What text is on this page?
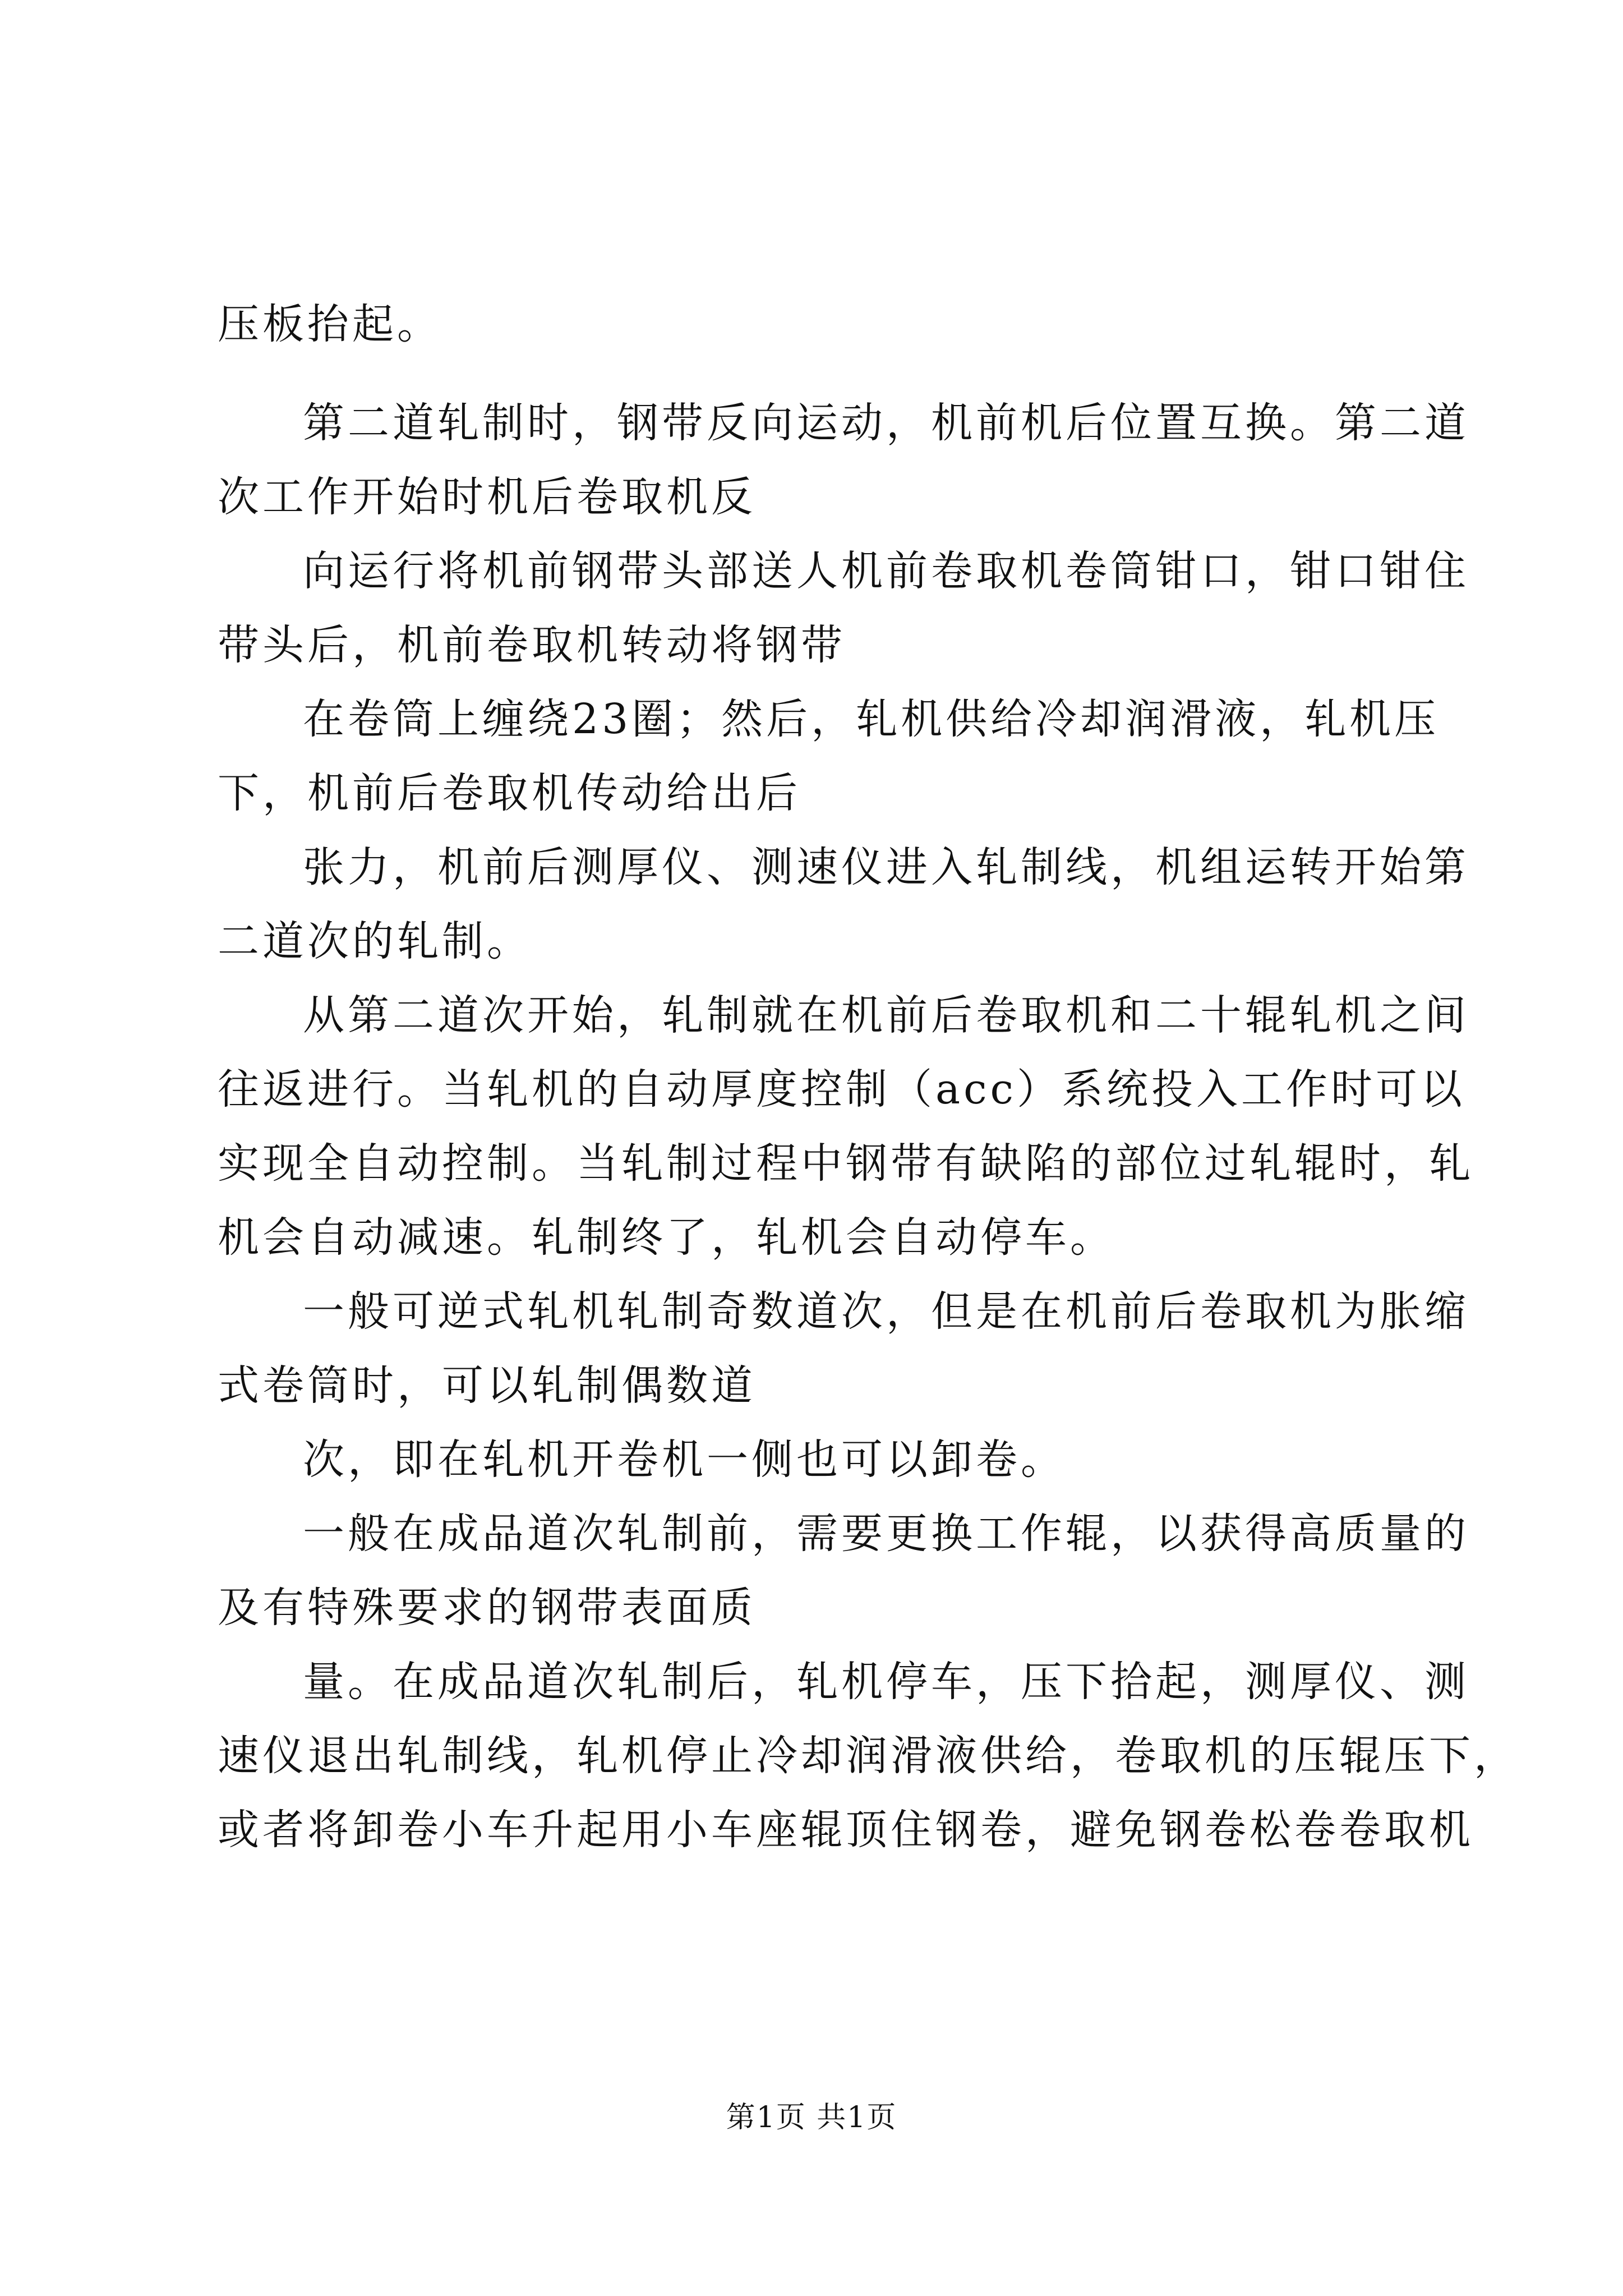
压板抬起。
第二道轧制时，钢带反向运动，机前机后位置互换。第二道
次工作开始时机后卷取机反
向运行将机前钢带头部送人机前卷取机卷筒钳口，钳口钳住
带头后，机前卷取机转动将钢带
在卷筒上缠绕23圈；然后，轧机供给冷却润滑液，轧机压
下，机前后卷取机传动给出后
张力，机前后测厚仪、测速仪进入轧制线，机组运转开始第
二道次的轧制。
从第二道次开始，轧制就在机前后卷取机和二十辊轧机之间
往返进行。当轧机的自动厚度控制（acc）系统投入工作时可以
实现全自动控制。当轧制过程中钢带有缺陷的部位过轧辊时，轧
机会自动减速。轧制终了，轧机会自动停车。
一般可逆式轧机轧制奇数道次，但是在机前后卷取机为胀缩
式卷筒时，可以轧制偶数道
次，即在轧机开卷机一侧也可以卸卷。
一般在成品道次轧制前，需要更换工作辊，以获得高质量的
及有特殊要求的钢带表面质
量。在成品道次轧制后，轧机停车，压下拾起，测厚仪、测
速仪退出轧制线，轧机停止冷却润滑液供给，卷取机的压辊压下，
或者将卸卷小车升起用小车座辊顶住钢卷，避免钢卷松卷卷取机
第1页 共1页
